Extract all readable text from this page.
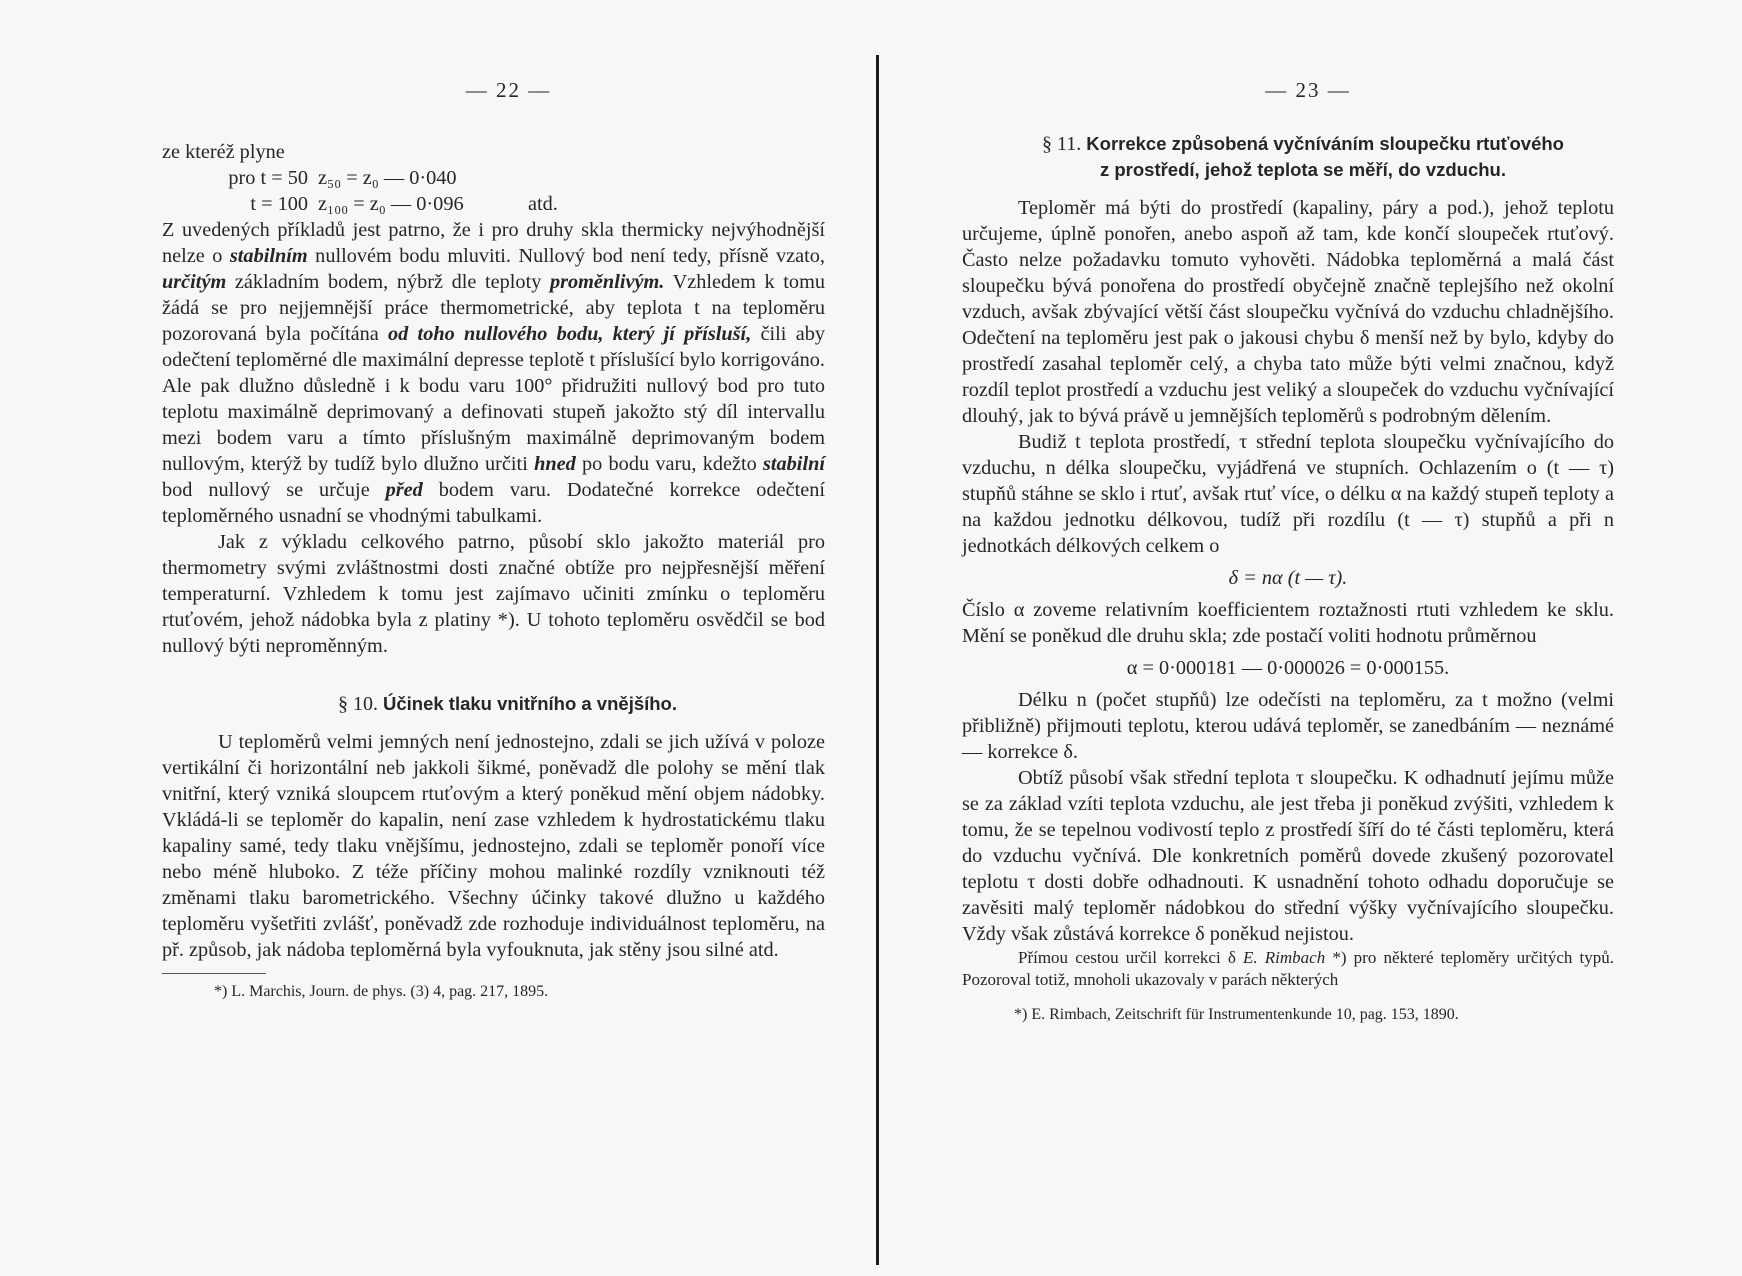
— 22 —

ze kteréž plyne

pro t = 50 z₅₀ = z₀ — 0·040
t = 100 z₁₀₀ = z₀ — 0·096	atd.

Z uvedených příkladů jest patrno, že i pro druhy skla thermicky nejvýhodnější nelze o stabilním nullovém bodu mluviti. Nullový bod není tedy, přísně vzato, určitým základním bodem, nýbrž dle teploty proměnlivým. Vzhledem k tomu žádá se pro nejjemnější práce thermometrické, aby teplota t na teploměru pozorovaná byla počítána od toho nullového bodu, který jí přísluší, čili aby odečtení teploměrné dle maximální depresse teplotě t příslušící bylo korrigováno. Ale pak dlužno důsledně i k bodu varu 100° přidružiti nullový bod pro tuto teplotu maximálně deprimovaný a definovati stupeň jakožto stý díl intervallu mezi bodem varu a tímto příslušným maximálně deprimovaným bodem nullovým, kterýž by tudíž bylo dlužno určiti hned po bodu varu, kdežto stabilní bod nullový se určuje před bodem varu. Dodatečné korrekce odečtení teploměrného usnadní se vhodnými tabulkami.

Jak z výkladu celkového patrno, působí sklo jakožto materiál pro thermometry svými zvláštnostmi dosti značné obtíže pro nejpřesnější měření temperaturní. Vzhledem k tomu jest zajímavo učiniti zmínku o teploměru rtuťovém, jehož nádobka byla z platiny *). U tohoto teploměru osvědčil se bod nullový býti neproměnným.

§ 10. Účinek tlaku vnitřního a vnějšího.

U teploměrů velmi jemných není jednostejno, zdali se jich užívá v poloze vertikální či horizontální neb jakkoli šikmé, poněvadž dle polohy se mění tlak vnitřní, který vzniká sloupcem rtuťovým a který poněkud mění objem nádobky. Vkládá-li se teploměr do kapalin, není zase vzhledem k hydrostatickému tlaku kapaliny samé, tedy tlaku vnějšímu, jednostejno, zdali se teploměr ponoří více nebo méně hluboko. Z téže příčiny mohou malinké rozdíly vzniknouti též změnami tlaku barometrického. Všechny účinky takové dlužno u každého teploměru vyšetřiti zvlášť, poněvadž zde rozhoduje individuálnost teploměru, na př. způsob, jak nádoba teploměrná byla vyfouknuta, jak stěny jsou silné atd.

*) L. Marchis, Journ. de phys. (3) 4, pag. 217, 1895.

— 23 —
§ 11. Korrekce způsobená vyčníváním sloupečku rtuťového
z prostředí, jehož teplota se měří, do vzduchu.

Teploměr má býti do prostředí (kapaliny, páry a pod.), jehož teplotu určujeme, úplně ponořen, anebo aspoň až tam, kde končí sloupeček rtuťový. Často nelze požadavku tomuto vyhověti. Nádobka teploměrná a malá část sloupečku bývá ponořena do prostředí obyčejně značně teplejšího než okolní vzduch, avšak zbývající větší část sloupečku vyčnívá do vzduchu chladnějšího. Odečtení na teploměru jest pak o jakousi chybu δ menší než by bylo, kdyby do prostředí zasahal teploměr celý, a chyba tato může býti velmi značnou, když rozdíl teplot prostředí a vzduchu jest veliký a sloupeček do vzduchu vyčnívající dlouhý, jak to bývá právě u jemnějších teploměrů s podrobným dělením.

Budiž t teplota prostředí, τ střední teplota sloupečku vyčnívajícího do vzduchu, n délka sloupečku, vyjádřená ve stupních. Ochlazením o (t — τ) stupňů stáhne se sklo i rtuť, avšak rtuť více, o délku α na každý stupeň teploty a na každou jednotku délkovou, tudíž při rozdílu (t — τ) stupňů a při n jednotkách délkových celkem o

δ = nα (t — τ).

Číslo α zoveme relativním koefficientem roztažnosti rtuti vzhledem ke sklu. Mění se poněkud dle druhu skla; zde postačí voliti hodnotu průměrnou

α = 0·000181 — 0·000026 = 0·000155.

Délku n (počet stupňů) lze odečísti na teploměru, za t možno (velmi přibližně) přijmouti teplotu, kterou udává teploměr, se zanedbáním — neznámé — korrekce δ.

Obtíž působí však střední teplota τ sloupečku. K odhadnutí jejímu může se za základ vzíti teplota vzduchu, ale jest třeba ji poněkud zvýšiti, vzhledem k tomu, že se tepelnou vodivostí teplo z prostředí šíří do té části teploměru, která do vzduchu vyčnívá. Dle konkretních poměrů dovede zkušený pozorovatel teplotu τ dosti dobře odhadnouti. K usnadnění tohoto odhadu doporučuje se zavěsiti malý teploměr nádobkou do střední výšky vyčnívajícího sloupečku. Vždy však zůstává korrekce δ poněkud nejistou.

Přímou cestou určil korrekci δ E. Rimbach *) pro některé teploměry určitých typů. Pozoroval totiž, mnoholi ukazovaly v parách některých

*) E. Rimbach, Zeitschrift für Instrumentenkunde 10, pag. 153, 1890.
